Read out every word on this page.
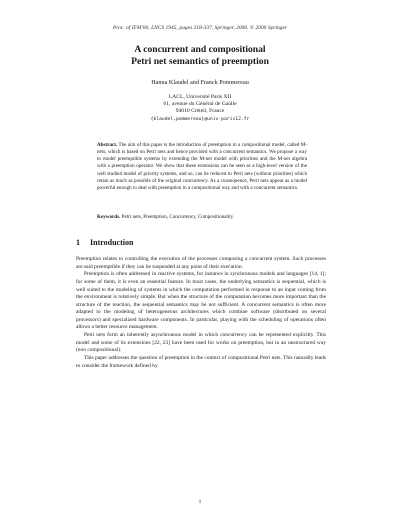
Proc. of IFM'00, LNCS 1945, pages 318-337, Springer, 2000. © 2000 Springer
A concurrent and compositional
Petri net semantics of preemption
Hanna Klaudel and Franck Pommereau
LACL, Université Paris XII
61, avenue du Général de Gaulle
94010 Créteil, France
{klaudel,pommereau}@univ-paris12.fr
Abstract. The aim of this paper is the introduction of preemption in a compositional model, called M-nets, which is based on Petri nets and hence provided with a concurrent semantics. We propose a way to model preemptible systems by extending the M-net model with priorities and the M-net algebra with a preemption operator. We show that these extensions can be seen as a high-level version of the well studied model of priority systems, and so, can be reduced to Petri nets (without priorities) which retain as much as possible of the original concurrency. As a consequence, Petri nets appear as a model powerful enough to deal with preemption in a compositional way and with a concurrent semantics.
Keywords. Petri nets, Preemption, Concurrency, Compositionality.
1 Introduction

Preemption relates to controlling the execution of the processes composing a concurrent system. Such processes are said preemptible if they can be suspended at any point of their execution.

Preemption is often addressed in reactive systems, for instance in synchronous models and languages [14, 1]; for some of them, it is even an essential feature. In most cases, the underlying semantics is sequential, which is well suited to the modeling of systems in which the computation performed in response to an input coming from the environment is relatively simple. But when the structure of the computation becomes more important than the structure of the reaction, the sequential semantics may be not sufficient. A concurrent semantics is often more adapted to the modeling of heterogeneous architectures which combine software (distributed on several processors) and specialized hardware components. In particular, playing with the scheduling of operations often allows a better resource management.

Petri nets form an inherently asynchronous model in which concurrency can be represented explicitly. This model and some of its extensions [22, 23] have been used for works on preemption, but in an unstructured way (non compositional).

This paper addresses the question of preemption in the context of compositional Petri nets. This naturally leads to consider the framework defined by

1
